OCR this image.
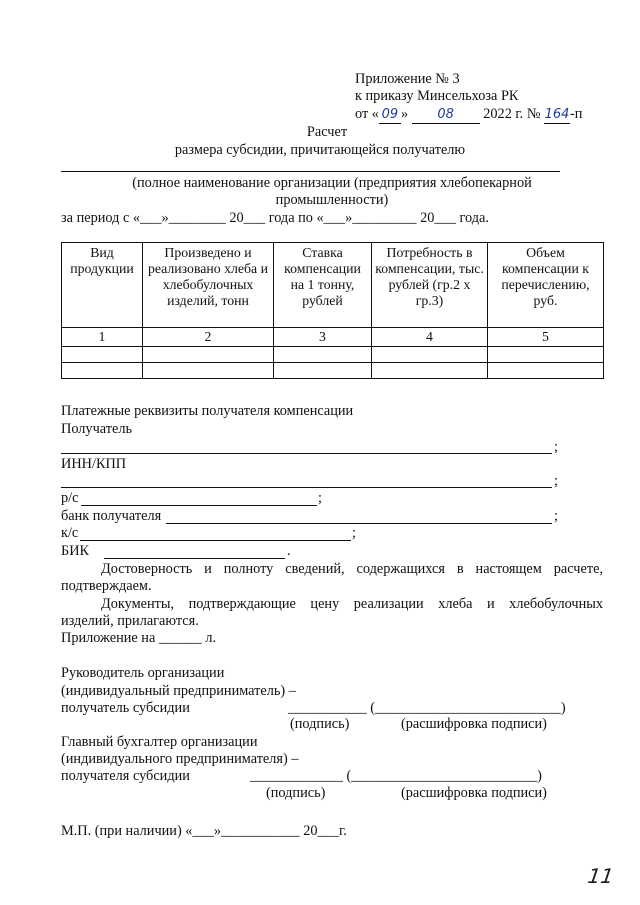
Приложение № 3
к приказу Минсельхоза РК
от « 09 » 08 2022 г. № 164-п
Расчет
размера субсидии, причитающейся получателю
(полное наименование организации (предприятия хлебопекарной
промышленности)
за период с «___»________ 20___ года по «___»_________ 20___ года.
Вид продукции	Произведено и реализовано хлеба и хлебобулочных изделий, тонн	Ставка компенсации на 1 тонну, рублей	Потребность в компенсации, тыс. рублей (гр.2 х гр.3)	Объем компенсации к перечислению, руб.
1	2	3	4	5

Платежные реквизиты получателя компенсации
Получатель
;
ИНН/КПП
;
р/с	;
банк получателя	;
к/с	;
БИК	.
Достоверность и полноту сведений, содержащихся в настоящем расчете,
подтверждаем.
Документы, подтверждающие цену реализации хлеба и хлебобулочных
изделий, прилагаются.
Приложение на ______ л.
Руководитель организации
(индивидуальный предприниматель) –
получатель субсидии	___________ (__________________________)
(подпись)	(расшифровка подписи)
Главный бухгалтер организации
(индивидуального предпринимателя) –
получателя субсидии	_____________ (__________________________)
(подпись)	(расшифровка подписи)
М.П. (при наличии) «___»___________ 20___г.
11
